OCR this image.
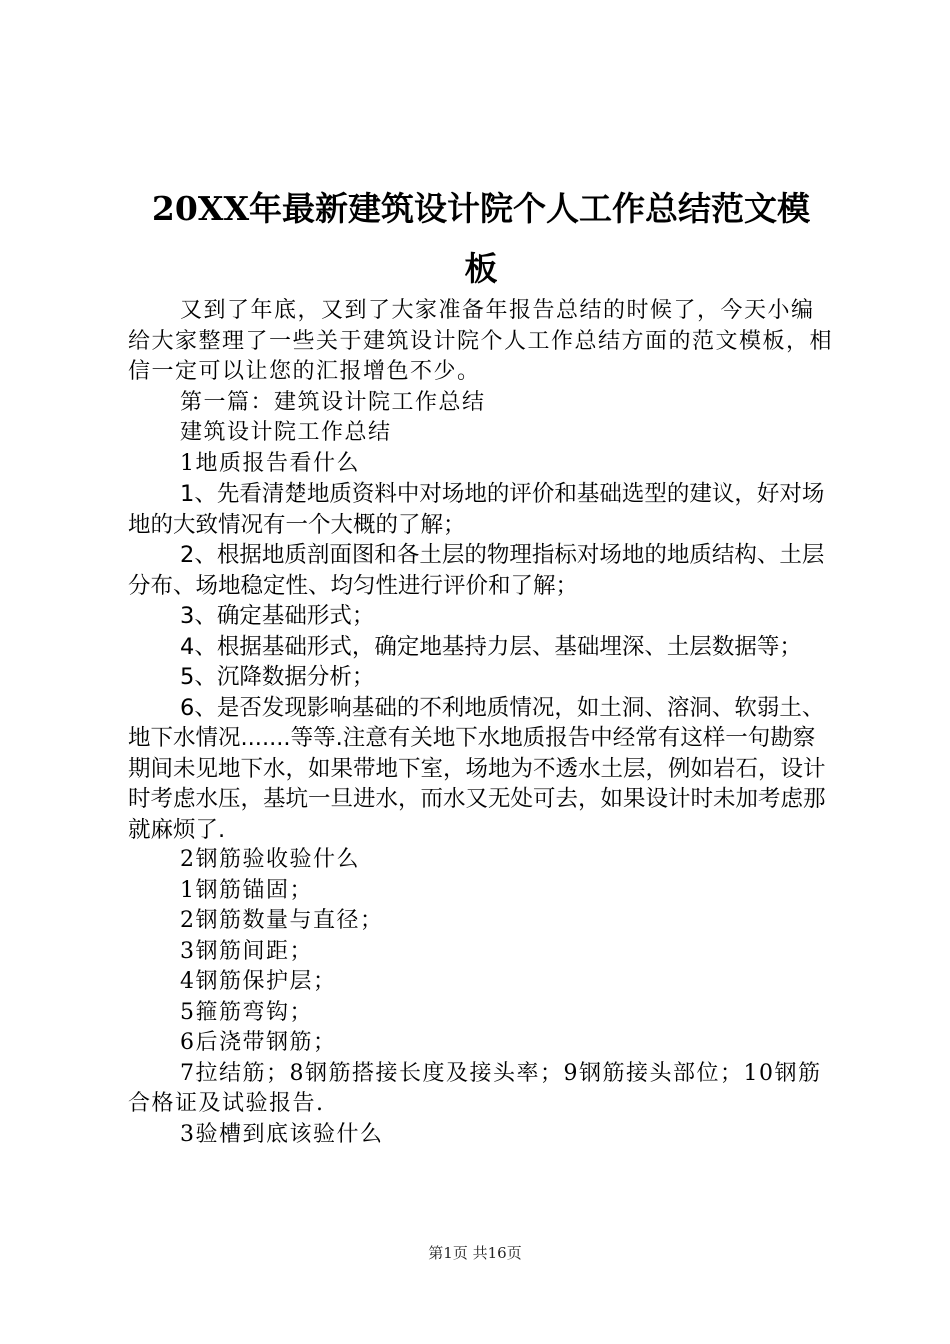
20XX年最新建筑设计院个人工作总结范文模
板

又到了年底，又到了大家准备年报告总结的时候了，今天小编给大家整理了一些关于建筑设计院个人工作总结方面的范文模板，相信一定可以让您的汇报增色不少。

第一篇：建筑设计院工作总结

建筑设计院工作总结

1地质报告看什么

1、先看清楚地质资料中对场地的评价和基础选型的建议，好对场地的大致情况有一个大概的了解；

2、根据地质剖面图和各土层的物理指标对场地的地质结构、土层分布、场地稳定性、均匀性进行评价和了解；

3、确定基础形式；

4、根据基础形式，确定地基持力层、基础埋深、土层数据等；

5、沉降数据分析；

6、是否发现影响基础的不利地质情况，如土洞、溶洞、软弱土、地下水情况.......等等.注意有关地下水地质报告中经常有这样一句勘察期间未见地下水，如果带地下室，场地为不透水土层，例如岩石，设计时考虑水压，基坑一旦进水，而水又无处可去，如果设计时未加考虑那就麻烦了.

2钢筋验收验什么

1钢筋锚固；

2钢筋数量与直径；

3钢筋间距；

4钢筋保护层；

5箍筋弯钩；

6后浇带钢筋；

7拉结筋；8钢筋搭接长度及接头率；9钢筋接头部位；10钢筋合格证及试验报告.

3验槽到底该验什么

第1页 共16页
